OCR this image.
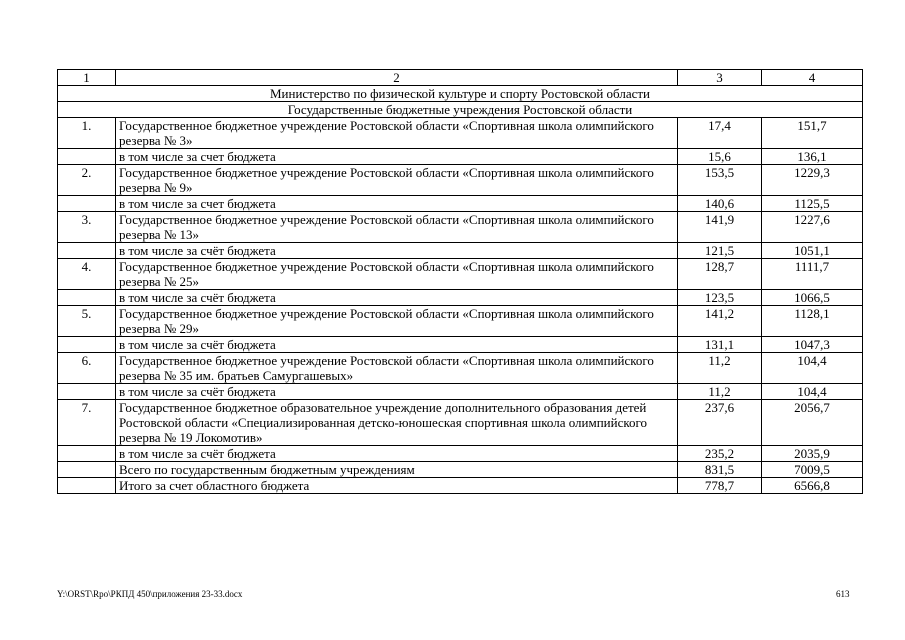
1	2	3	4
Министерство по физической культуре и спорту Ростовской области			
Государственные бюджетные учреждения Ростовской области			
1.	Государственное бюджетное учреждение Ростовской области «Спортивная школа олимпийского резерва № 3»	17,4	151,7
	в том числе за счет бюджета	15,6	136,1
2.	Государственное бюджетное учреждение Ростовской области «Спортивная школа олимпийского резерва № 9»	153,5	1229,3
	в том числе за счет бюджета	140,6	1125,5
3.	Государственное бюджетное учреждение Ростовской области «Спортивная школа олимпийского резерва № 13»	141,9	1227,6
	в том числе за счёт бюджета	121,5	1051,1
4.	Государственное бюджетное учреждение Ростовской области «Спортивная школа олимпийского резерва № 25»	128,7	1111,7
	в том числе за счёт бюджета	123,5	1066,5
5.	Государственное бюджетное учреждение Ростовской области «Спортивная школа олимпийского резерва № 29»	141,2	1128,1
	в том числе за счёт бюджета	131,1	1047,3
6.	Государственное бюджетное учреждение Ростовской области «Спортивная школа олимпийского резерва № 35 им. братьев Самургашевых»	11,2	104,4
	в том числе за счёт бюджета	11,2	104,4
7.	Государственное бюджетное образовательное учреждение дополнительного образования детей Ростовской области «Специализированная детско-юношеская спортивная школа олимпийского резерва № 19 Локомотив»	237,6	2056,7
	в том числе за счёт бюджета	235,2	2035,9
	Всего по государственным бюджетным учреждениям	831,5	7009,5
	Итого за счет областного бюджета	778,7	6566,8
Y:\ORST\Rpo\РКПД 450\приложения 23-33.docx	613
